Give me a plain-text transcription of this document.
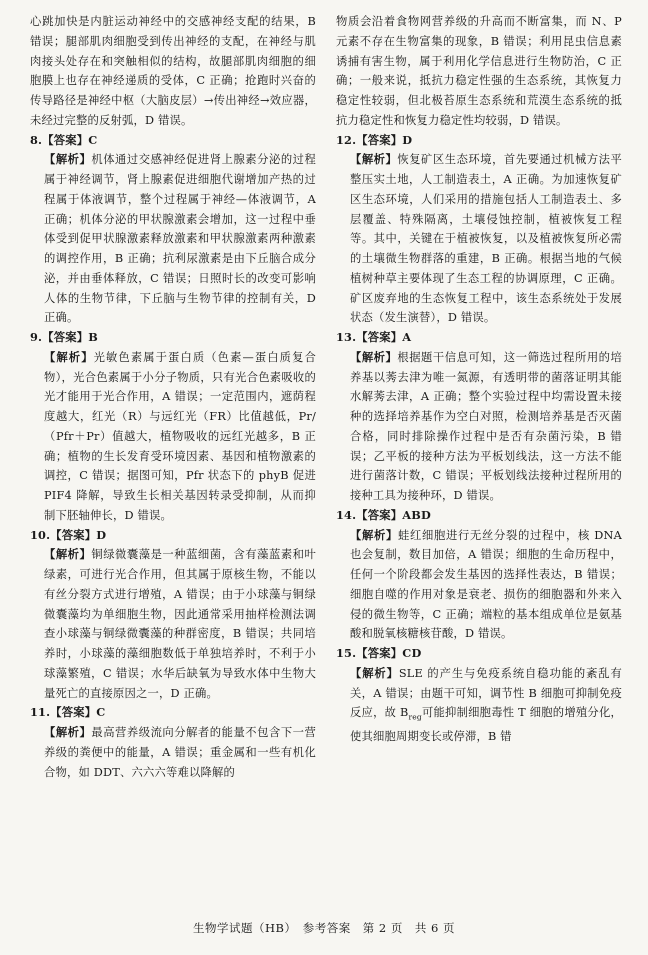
心跳加快是内脏运动神经中的交感神经支配的结果，B 错误；腿部肌肉细胞受到传出神经的支配，在神经与肌肉接头处存在和突触相似的结构，故腿部肌肉细胞的细胞膜上也存在神经递质的受体，C 正确；抢跑时兴奋的传导路径是神经中枢（大脑皮层）→传出神经→效应器，未经过完整的反射弧，D 错误。

8.【答案】C

【解析】机体通过交感神经促进肾上腺素分泌的过程属于神经调节，肾上腺素促进细胞代谢增加产热的过程属于体液调节，整个过程属于神经—体液调节，A 正确；机体分泌的甲状腺激素会增加，这一过程中垂体受到促甲状腺激素释放激素和甲状腺激素两种激素的调控作用，B 正确；抗利尿激素是由下丘脑合成分泌，并由垂体释放，C 错误；日照时长的改变可影响人体的生物节律，下丘脑与生物节律的控制有关，D 正确。

9.【答案】B

【解析】光敏色素属于蛋白质（色素—蛋白质复合物），光合色素属于小分子物质，只有光合色素吸收的光才能用于光合作用，A 错误；一定范围内，遮荫程度越大，红光（R）与远红光（FR）比值越低，Pr/（Pfr＋Pr）值越大，植物吸收的远红光越多，B 正确；植物的生长发育受环境因素、基因和植物激素的调控，C 错误；据图可知，Pfr 状态下的 phyB 促进 PIF4 降解，导致生长相关基因转录受抑制，从而抑制下胚轴伸长，D 错误。

10.【答案】D

【解析】铜绿微囊藻是一种蓝细菌，含有藻蓝素和叶绿素，可进行光合作用，但其属于原核生物，不能以有丝分裂方式进行增殖，A 错误；由于小球藻与铜绿微囊藻均为单细胞生物，因此通常采用抽样检测法调查小球藻与铜绿微囊藻的种群密度，B 错误；共同培养时，小球藻的藻细胞数低于单独培养时，不利于小球藻繁殖，C 错误；水华后缺氧为导致水体中生物大量死亡的直接原因之一，D 正确。

11.【答案】C

【解析】最高营养级流向分解者的能量不包含下一营养级的粪便中的能量，A 错误；重金属和一些有机化合物，如 DDT、六六六等难以降解的

物质会沿着食物网营养级的升高而不断富集，而 N、P 元素不存在生物富集的现象，B 错误；利用昆虫信息素诱捕有害生物，属于利用化学信息进行生物防治，C 正确；一般来说，抵抗力稳定性强的生态系统，其恢复力稳定性较弱，但北极苔原生态系统和荒漠生态系统的抵抗力稳定性和恢复力稳定性均较弱，D 错误。

12.【答案】D

【解析】恢复矿区生态环境，首先要通过机械方法平整压实土地，人工制造表土，A 正确。为加速恢复矿区生态环境，人们采用的措施包括人工制造表土、多层覆盖、特殊隔离，土壤侵蚀控制，植被恢复工程等。其中，关键在于植被恢复，以及植被恢复所必需的土壤微生物群落的重建，B 正确。根据当地的气候植树种草主要体现了生态工程的协调原理，C 正确。矿区废弃地的生态恢复工程中，该生态系统处于发展状态（发生演替），D 错误。

13.【答案】A

【解析】根据题干信息可知，这一筛选过程所用的培养基以莠去津为唯一氮源，有透明带的菌落证明其能水解莠去津，A 正确；整个实验过程中均需设置未接种的选择培养基作为空白对照，检测培养基是否灭菌合格，同时排除操作过程中是否有杂菌污染，B 错误；乙平板的接种方法为平板划线法，这一方法不能进行菌落计数，C 错误；平板划线法接种过程所用的接种工具为接种环，D 错误。

14.【答案】ABD

【解析】蛙红细胞进行无丝分裂的过程中，核 DNA 也会复制，数目加倍，A 错误；细胞的生命历程中，任何一个阶段都会发生基因的选择性表达，B 错误；细胞自噬的作用对象是衰老、损伤的细胞器和外来入侵的微生物等，C 正确；端粒的基本组成单位是氨基酸和脱氧核糖核苷酸，D 错误。

15.【答案】CD

【解析】SLE 的产生与免疫系统自稳功能的紊乱有关，A 错误；由题干可知，调节性 B 细胞可抑制免疫反应，故 $B_{reg}$可能抑制细胞毒性 T 细胞的增殖分化，使其细胞周期变长或停滞，B 错

生物学试题（HB）　参考答案　第 2 页　共 6 页
